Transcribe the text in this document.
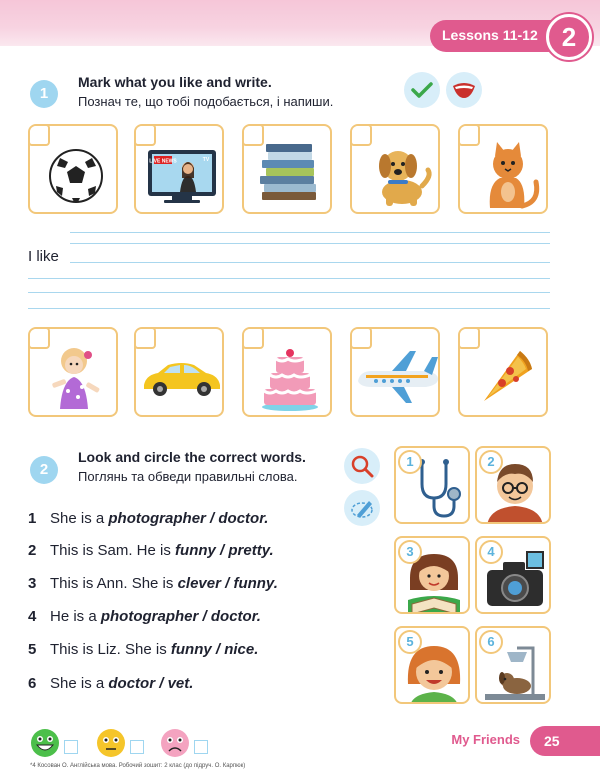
Lessons 11-12 2
1
Mark what you like and write.
Познач те, що тобі подобається, і напиши.
LIVE NEWS	TV
I like
2
Look and circle the correct words.
Поглянь та обведи правильні слова.
1 She is a photographer / doctor.
2 This is Sam. He is funny / pretty.
3 This is Ann. She is clever / funny.
4 He is a photographer / doctor.
5 This is Liz. She is funny / nice.
6 She is a doctor / vet.
1	2
3	4
5	6
My Friends	25
*4 Косован О. Англійська мова. Робочий зошит: 2 клас (до підруч. О. Карпюк)
